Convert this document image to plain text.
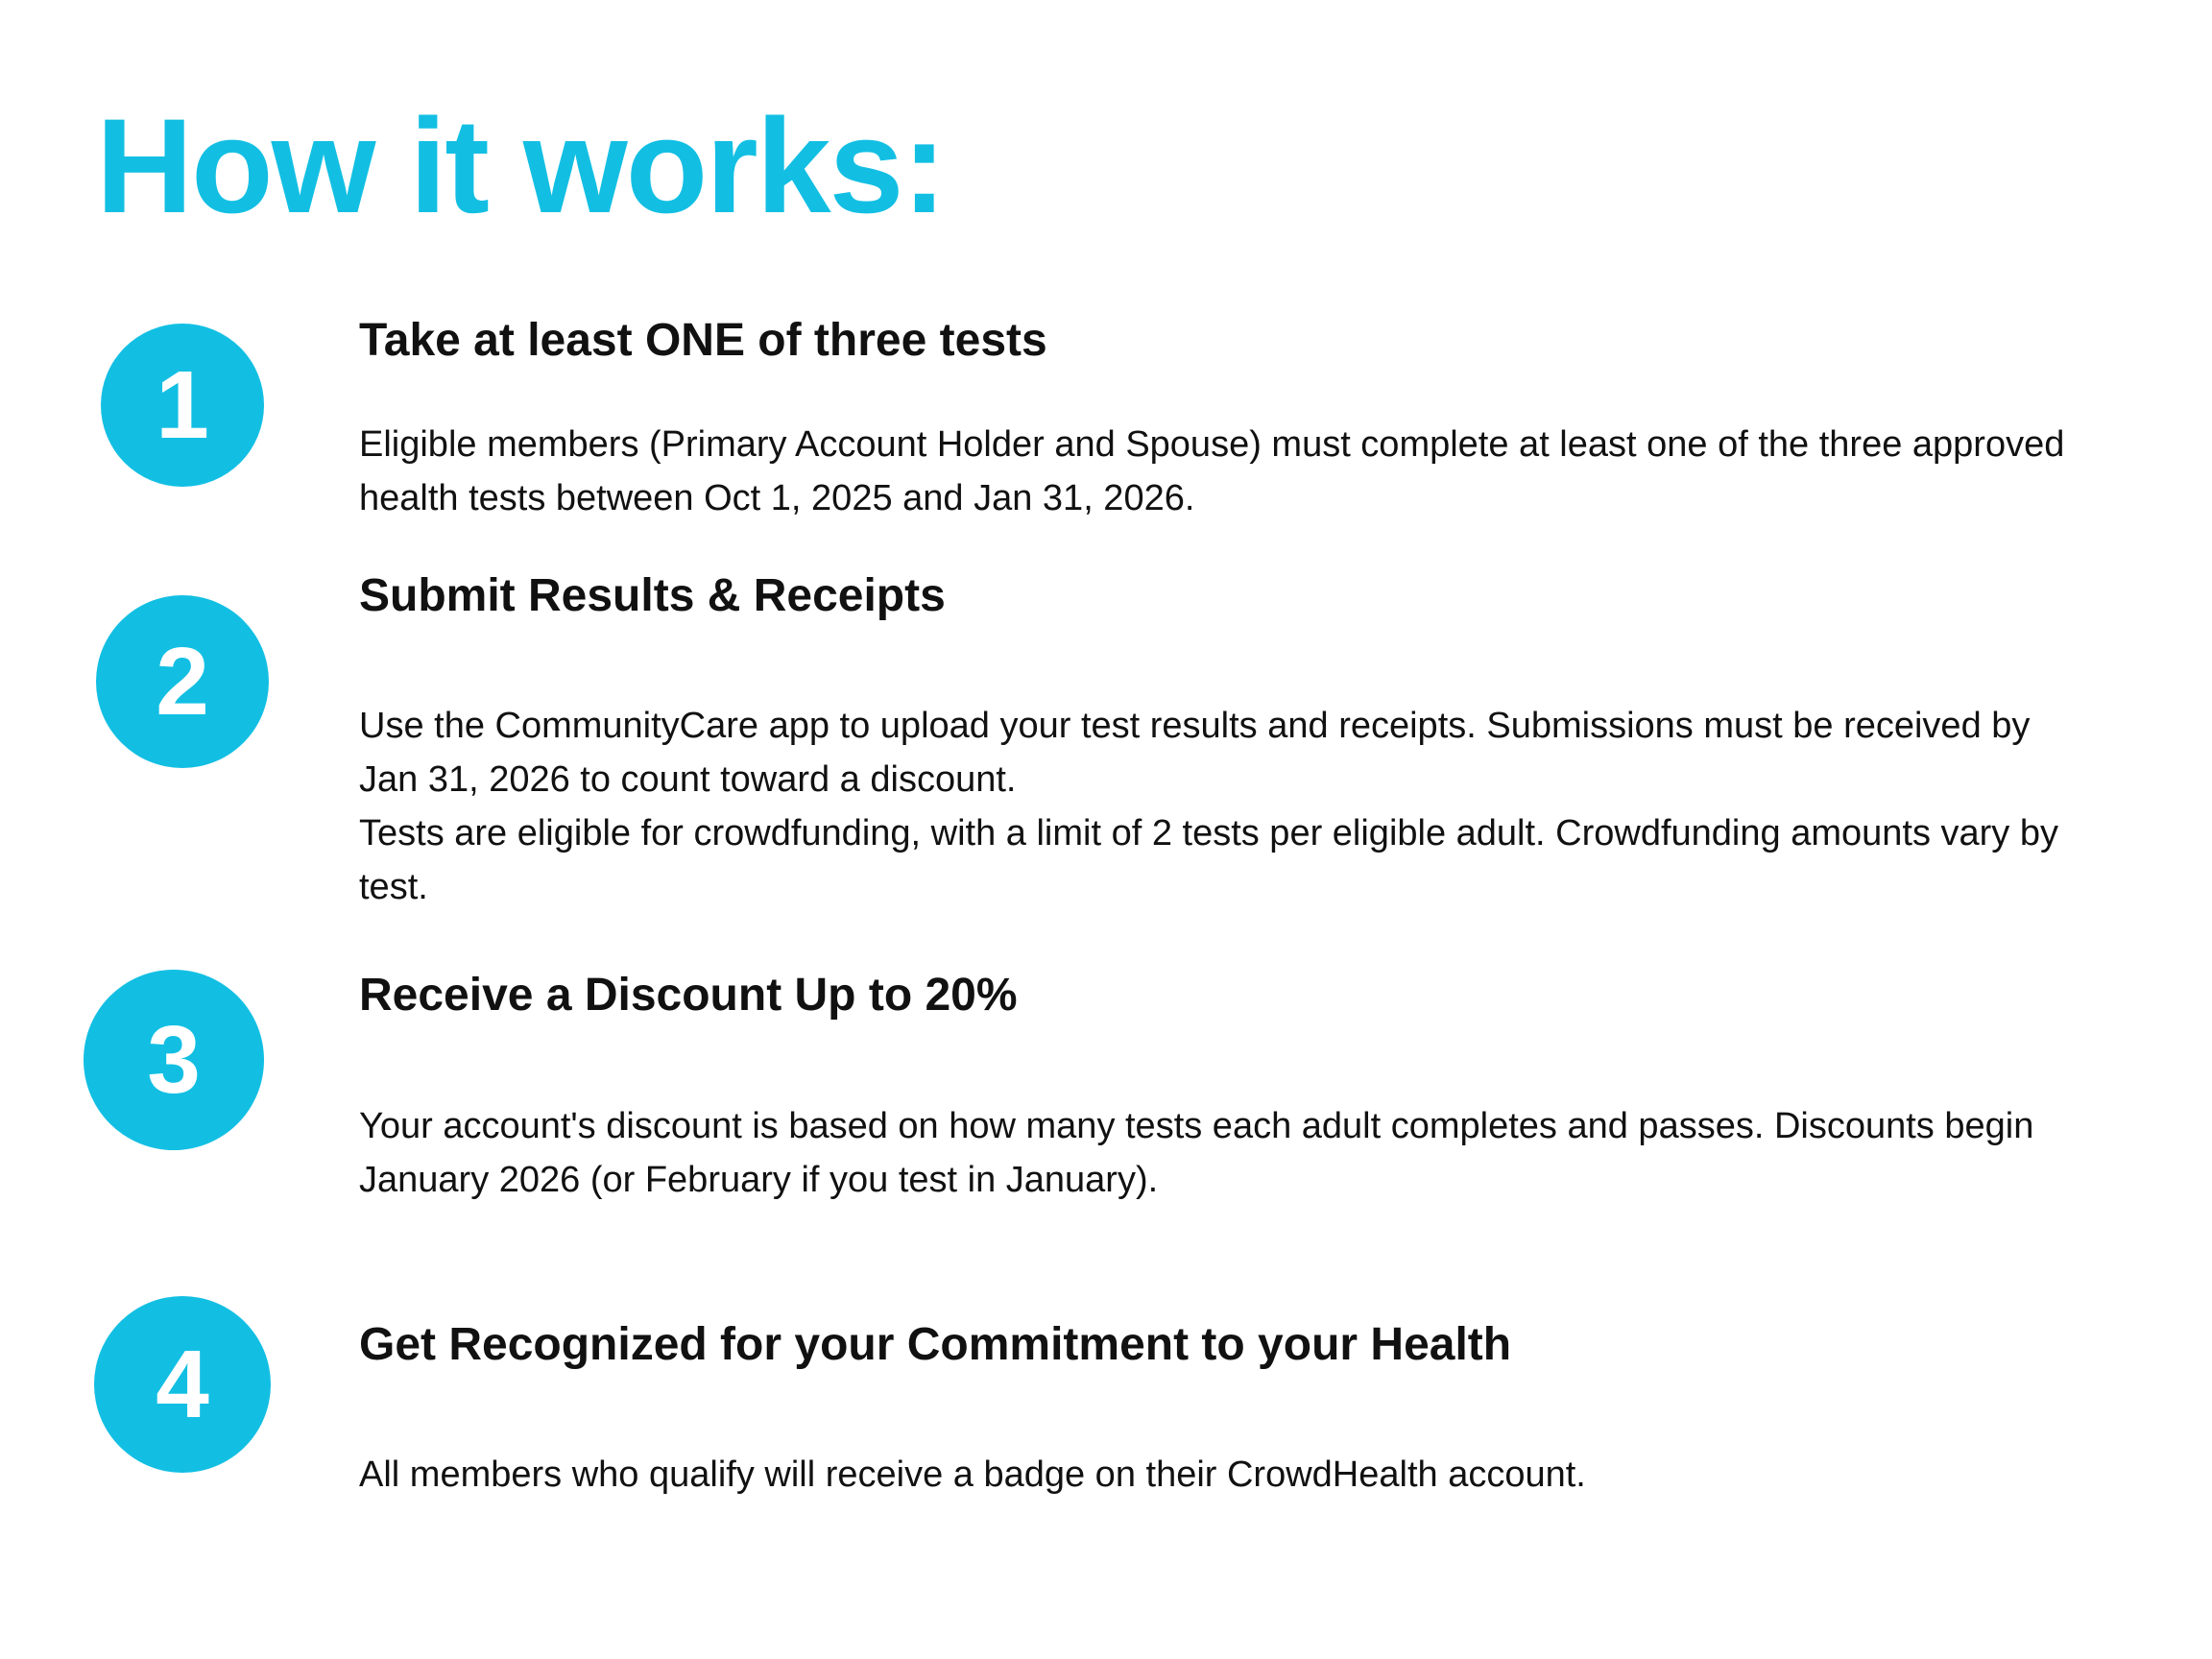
How it works:
1
Take at least ONE of three tests

Eligible members (Primary Account Holder and Spouse) must complete at least one of the three approved health tests between Oct 1, 2025 and Jan 31, 2026.

2
Submit Results & Receipts

Use the CommunityCare app to upload your test results and receipts. Submissions must be received by Jan 31, 2026 to count toward a discount.

Tests are eligible for crowdfunding, with a limit of 2 tests per eligible adult. Crowdfunding amounts vary by test.

3
Receive a Discount Up to 20%

Your account's discount is based on how many tests each adult completes and passes. Discounts begin January 2026 (or February if you test in January).

4	Get Recognized for your Commitment to your Health

All members who qualify will receive a badge on their CrowdHealth account.
